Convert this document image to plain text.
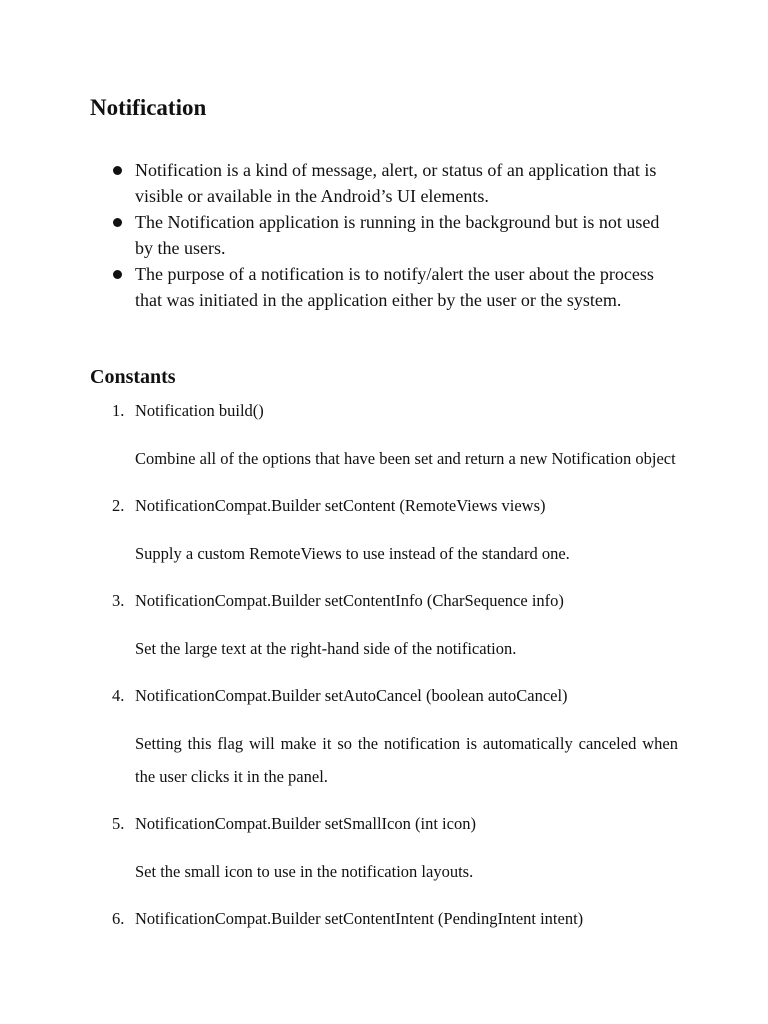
Notification
Notification is a kind of message, alert, or status of an application that is visible or available in the Android’s UI elements.
The Notification application is running in the background but is not used by the users.
The purpose of a notification is to notify/alert the user about the process that was initiated in the application either by the user or the system.
Constants
1. Notification build()

Combine all of the options that have been set and return a new Notification object

2. NotificationCompat.Builder setContent (RemoteViews views)

Supply a custom RemoteViews to use instead of the standard one.

3. NotificationCompat.Builder setContentInfo (CharSequence info)

Set the large text at the right-hand side of the notification.

4. NotificationCompat.Builder setAutoCancel (boolean autoCancel)

Setting this flag will make it so the notification is automatically canceled when the user clicks it in the panel.

5. NotificationCompat.Builder setSmallIcon (int icon)

Set the small icon to use in the notification layouts.

6. NotificationCompat.Builder setContentIntent (PendingIntent intent)
